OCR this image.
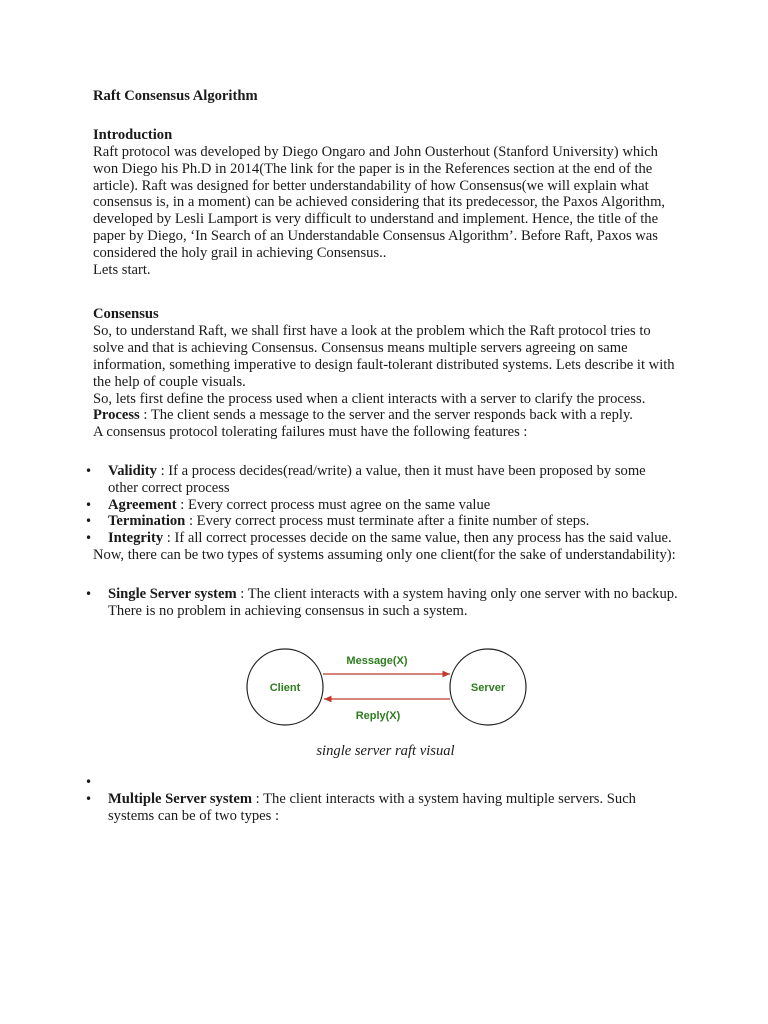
Raft Consensus Algorithm
Introduction

Raft protocol was developed by Diego Ongaro and John Ousterhout (Stanford University) which won Diego his Ph.D in 2014(The link for the paper is in the References section at the end of the article). Raft was designed for better understandability of how Consensus(we will explain what consensus is, in a moment) can be achieved considering that its predecessor, the Paxos Algorithm, developed by Lesli Lamport is very difficult to understand and implement. Hence, the title of the paper by Diego, ‘In Search of an Understandable Consensus Algorithm’. Before Raft, Paxos was considered the holy grail in achieving Consensus..

Lets start.

Consensus

So, to understand Raft, we shall first have a look at the problem which the Raft protocol tries to solve and that is achieving Consensus. Consensus means multiple servers agreeing on same information, something imperative to design fault-tolerant distributed systems. Lets describe it with the help of couple visuals.

So, lets first define the process used when a client interacts with a server to clarify the process.

Process : The client sends a message to the server and the server responds back with a reply.

A consensus protocol tolerating failures must have the following features :

• Validity : If a process decides(read/write) a value, then it must have been proposed by some other correct process
• Agreement : Every correct process must agree on the same value
• Termination : Every correct process must terminate after a finite number of steps.
• Integrity : If all correct processes decide on the same value, then any process has the said value.

Now, there can be two types of systems assuming only one client(for the sake of understandability):

• Single Server system : The client interacts with a system having only one server with no backup. There is no problem in achieving consensus in such a system.
Client	Server
Message(X)
Reply(X)

single server raft visual

•
• Multiple Server system : The client interacts with a system having multiple servers. Such systems can be of two types :
